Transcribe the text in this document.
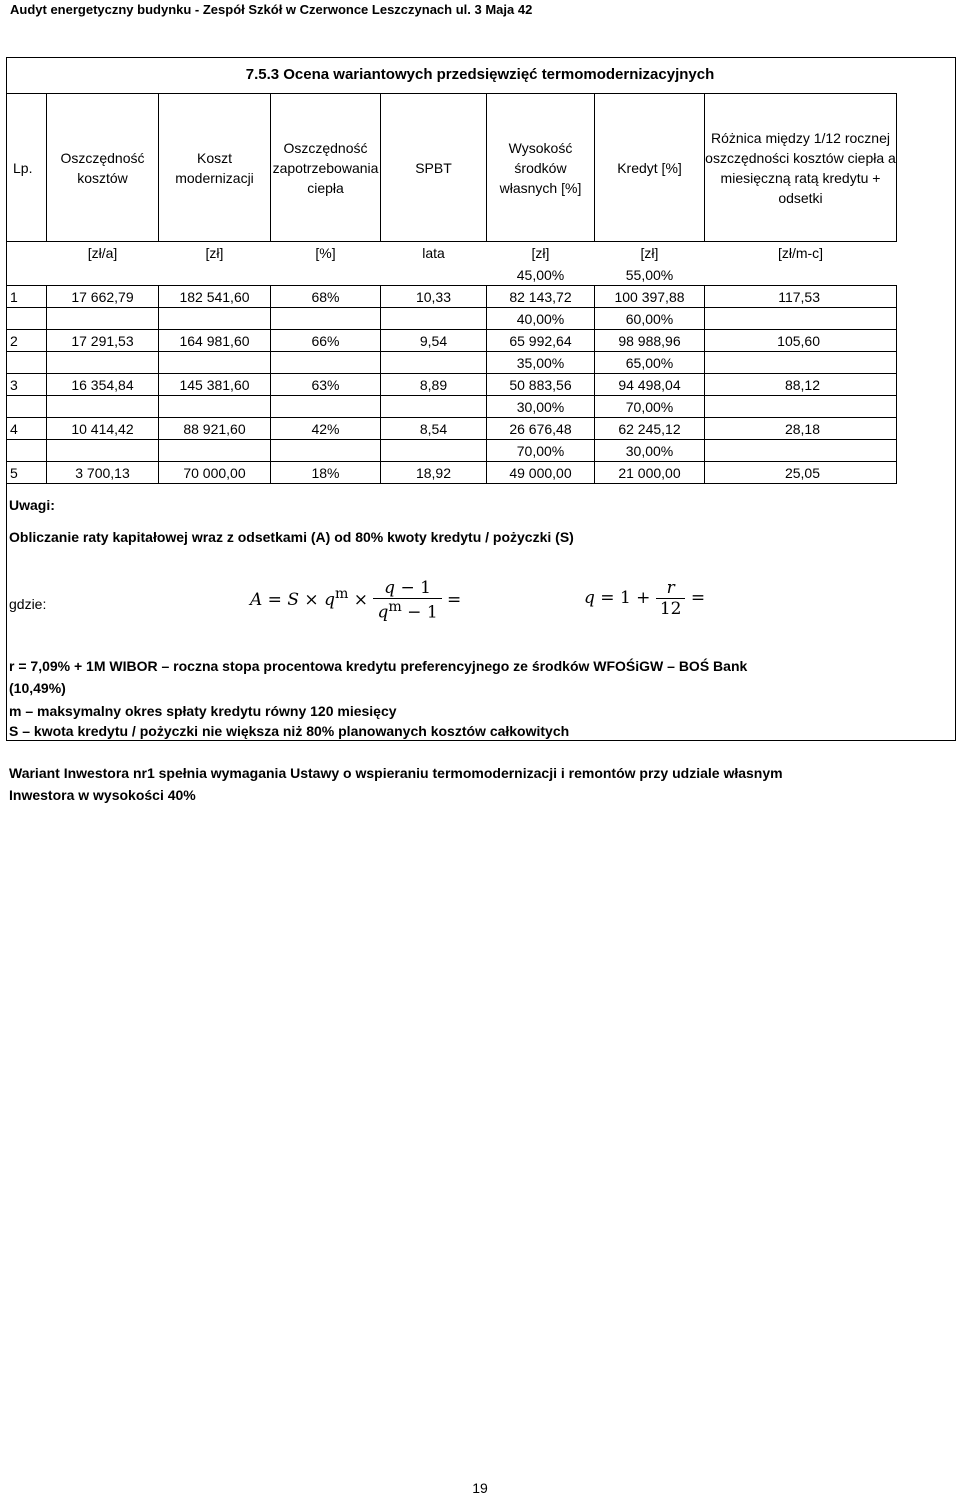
Audyt energetyczny budynku - Zespół Szkół w Czerwonce Leszczynach ul. 3 Maja 42
7.5.3 Ocena wariantowych przedsięwzięć termomodernizacyjnych
Lp.	Oszczędność kosztów	Koszt modernizacji	Oszczędność zapotrzebowania ciepła	SPBT	Wysokość środków własnych [%]	Kredyt [%]	Różnica między 1/12 rocznej oszczędności kosztów ciepła a miesięczną ratą kredytu + odsetki
	[zł/a]	[zł]	[%]	lata	[zł]	[zł]	[zł/m-c]
					45,00%	55,00%	
1	17 662,79	182 541,60	68%	10,33	82 143,72	100 397,88	117,53
					40,00%	60,00%	
2	17 291,53	164 981,60	66%	9,54	65 992,64	98 988,96	105,60
					35,00%	65,00%	
3	16 354,84	145 381,60	63%	8,89	50 883,56	94 498,04	88,12
					30,00%	70,00%	
4	10 414,42	88 921,60	42%	8,54	26 676,48	62 245,12	28,18
					70,00%	30,00%	
5	3 700,13	70 000,00	18%	18,92	49 000,00	21 000,00	25,05
Uwagi:
Obliczanie raty kapitałowej wraz z odsetkami (A) od 80% kwoty kredytu / pożyczki (S)
gdzie:	$A = S \times q^m \times \frac{q - 1}{q^m - 1}$ =	$q = 1 + \frac{r}{12}$ =
r = 7,09% + 1M WIBOR – roczna stopa procentowa kredytu preferencyjnego ze środków WFOŚiGW – BOŚ Bank
(10,49%)
m – maksymalny okres spłaty kredytu równy 120 miesięcy
S – kwota kredytu / pożyczki nie większa niż 80% planowanych kosztów całkowitych
Wariant Inwestora nr1 spełnia wymagania Ustawy o wspieraniu termomodernizacji i remontów przy udziale własnym
Inwestora w wysokości 40%
19
